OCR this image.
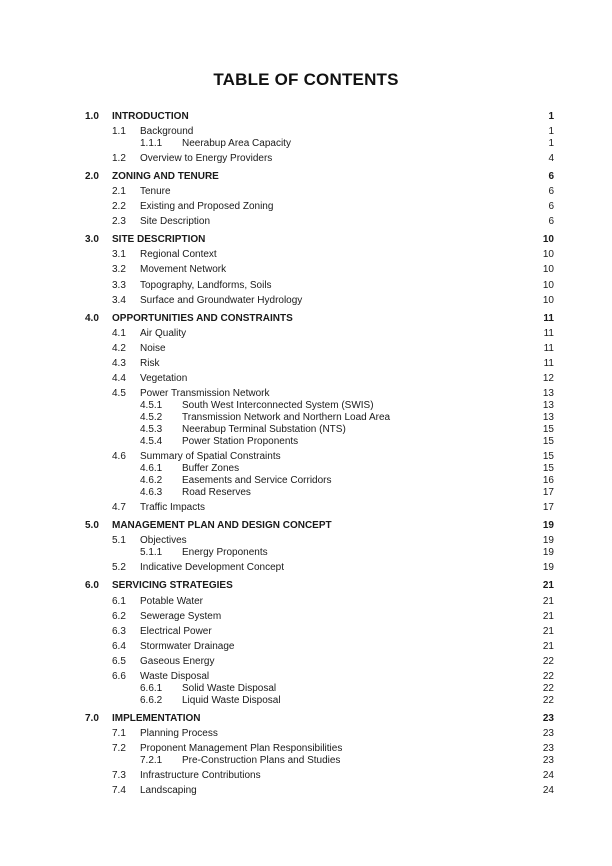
TABLE OF CONTENTS
1.0 INTRODUCTION	1
1.1 Background	1
1.1.1 Neerabup Area Capacity	1
1.2 Overview to Energy Providers	4
2.0 ZONING AND TENURE	6
2.1 Tenure	6
2.2 Existing and Proposed Zoning	6
2.3 Site Description	6
3.0 SITE DESCRIPTION	10
3.1 Regional Context	10
3.2 Movement Network	10
3.3 Topography, Landforms, Soils	10
3.4 Surface and Groundwater Hydrology	10
4.0 OPPORTUNITIES AND CONSTRAINTS	11
4.1 Air Quality	11
4.2 Noise	11
4.3 Risk	11
4.4 Vegetation	12
4.5 Power Transmission Network	13
4.5.1 South West Interconnected System (SWIS)	13
4.5.2 Transmission Network and Northern Load Area	13
4.5.3 Neerabup Terminal Substation (NTS)	15
4.5.4 Power Station Proponents	15
4.6 Summary of Spatial Constraints	15
4.6.1 Buffer Zones	15
4.6.2 Easements and Service Corridors	16
4.6.3 Road Reserves	17
4.7 Traffic Impacts	17
5.0 MANAGEMENT PLAN AND DESIGN CONCEPT	19
5.1 Objectives	19
5.1.1 Energy Proponents	19
5.2 Indicative Development Concept	19
6.0 SERVICING STRATEGIES	21
6.1 Potable Water	21
6.2 Sewerage System	21
6.3 Electrical Power	21
6.4 Stormwater Drainage	21
6.5 Gaseous Energy	22
6.6 Waste Disposal	22
6.6.1 Solid Waste Disposal	22
6.6.2 Liquid Waste Disposal	22
7.0 IMPLEMENTATION	23
7.1 Planning Process	23
7.2 Proponent Management Plan Responsibilities	23
7.2.1 Pre-Construction Plans and Studies	23
7.3 Infrastructure Contributions	24
7.4 Landscaping	24
